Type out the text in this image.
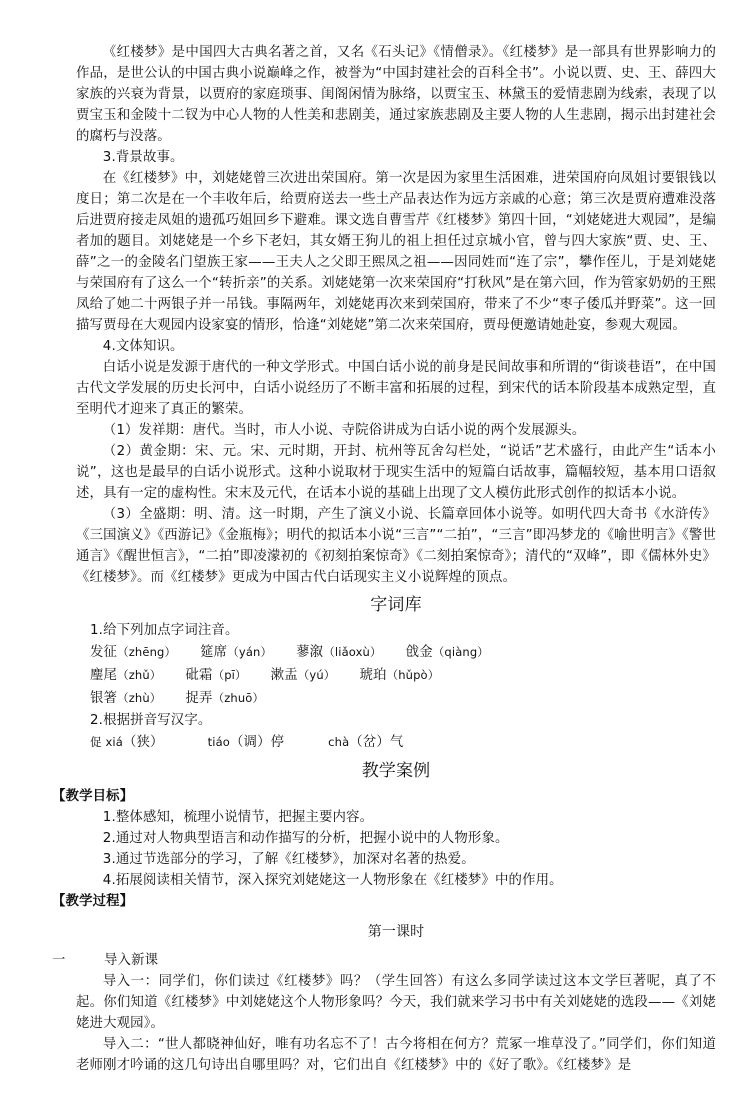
《红楼梦》是中国四大古典名著之首，又名《石头记》《情僧录》。《红楼梦》是一部具有世界影响力的作品，是世公认的中国古典小说巅峰之作，被誉为“中国封建社会的百科全书”。小说以贾、史、王、薛四大家族的兴衰为背景，以贾府的家庭琐事、闺阁闲情为脉络，以贾宝玉、林黛玉的爱情悲剧为线索，表现了以贾宝玉和金陵十二钗为中心人物的人性美和悲剧美，通过家族悲剧及主要人物的人生悲剧，揭示出封建社会的腐朽与没落。

3.背景故事。

在《红楼梦》中，刘姥姥曾三次进出荣国府。第一次是因为家里生活困难，进荣国府向凤姐讨要银钱以度日；第二次是在一个丰收年后，给贾府送去一些土产品表达作为远方亲戚的心意；第三次是贾府遭难没落后进贾府接走凤姐的遗孤巧姐回乡下避难。课文选自曹雪芹《红楼梦》第四十回，“刘姥姥进大观园”，是编者加的题目。刘姥姥是一个乡下老妇，其女婿王狗儿的祖上担任过京城小官，曾与四大家族“贾、史、王、薛”之一的金陵名门望族王家——王夫人之父即王熙凤之祖——因同姓而“连了宗”，攀作侄儿，于是刘姥姥与荣国府有了这么一个“转折亲”的关系。刘姥姥第一次来荣国府“打秋风”是在第六回，作为管家奶奶的王熙凤给了她二十两银子并一吊钱。事隔两年，刘姥姥再次来到荣国府，带来了不少“枣子倭瓜并野菜”。这一回描写贾母在大观园内设家宴的情形，恰逢“刘姥姥”第二次来荣国府，贾母便邀请她赴宴，参观大观园。

4.文体知识。

白话小说是发源于唐代的一种文学形式。中国白话小说的前身是民间故事和所谓的“街谈巷语”，在中国古代文学发展的历史长河中，白话小说经历了不断丰富和拓展的过程，到宋代的话本阶段基本成熟定型，直至明代才迎来了真正的繁荣。

（1）发祥期：唐代。当时，市人小说、寺院俗讲成为白话小说的两个发展源头。

（2）黄金期：宋、元。宋、元时期，开封、杭州等瓦舍勾栏处，“说话”艺术盛行，由此产生“话本小说”，这也是最早的白话小说形式。这种小说取材于现实生活中的短篇白话故事，篇幅较短，基本用口语叙述，具有一定的虚构性。宋末及元代，在话本小说的基础上出现了文人模仿此形式创作的拟话本小说。

（3）全盛期：明、清。这一时期，产生了演义小说、长篇章回体小说等。如明代四大奇书《水浒传》《三国演义》《西游记》《金瓶梅》；明代的拟话本小说“三言”“二拍”，“三言”即冯梦龙的《喻世明言》《警世通言》《醒世恒言》，“二拍”即凌濛初的《初刻拍案惊奇》《二刻拍案惊奇》；清代的“双峰”，即《儒林外史》《红楼梦》。而《红楼梦》更成为中国古代白话现实主义小说辉煌的顶点。

字词库

1.给下列加点字词注音。

发征（zhēng） 筵席（yán） 蓼溆（liǎoxù） 戗金（qiàng）
麈尾（zhǔ） 砒霜（pī） 漱盂（yú） 琥珀（hǔpò）
银箸（zhù） 捉弄（zhuō）

2.根据拼音写汉字。

促 xiá（狭）	tiáo（调）停	chà（岔）气
教学案例

【教学目标】

1.整体感知，梳理小说情节，把握主要内容。

2.通过对人物典型语言和动作描写的分析，把握小说中的人物形象。

3.通过节选部分的学习，了解《红楼梦》，加深对名著的热爱。

4.拓展阅读相关情节，深入探究刘姥姥这一人物形象在《红楼梦》中的作用。

【教学过程】

第一课时
一	导入新课

导入一：同学们，你们读过《红楼梦》吗？（学生回答）有这么多同学读过这本文学巨著呢，真了不起。你们知道《红楼梦》中刘姥姥这个人物形象吗？今天，我们就来学习书中有关刘姥姥的选段——《刘姥姥进大观园》。

导入二：“世人都晓神仙好，唯有功名忘不了！古今将相在何方？荒冢一堆草没了。”同学们，你们知道老师刚才吟诵的这几句诗出自哪里吗？对，它们出自《红楼梦》中的《好了歌》。《红楼梦》是
